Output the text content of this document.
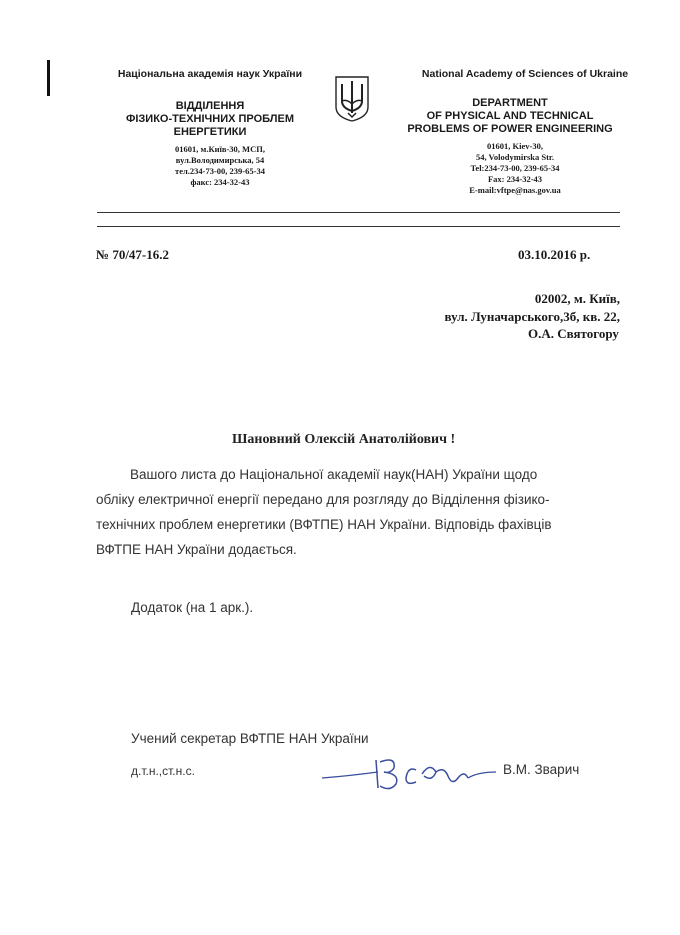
Національна академія наук України
ВІДДІЛЕННЯ
ФІЗИКО-ТЕХНІЧНИХ ПРОБЛЕМ
ЕНЕРГЕТИКИ
01601, м.Київ-30, МСП,
вул.Володимирська, 54
тел.234-73-00, 239-65-34
факс: 234-32-43
National Academy of Sciences of Ukraine
DEPARTMENT
OF PHYSICAL AND TECHNICAL
PROBLEMS OF POWER ENGINEERING
01601, Kiev-30,
54, Volodymirska Str.
Tel:234-73-00, 239-65-34
Fax: 234-32-43
E-mail:vftpe@nas.gov.ua
№ 70/47-16.2	03.10.2016 р.
02002, м. Київ,
вул. Луначарського,3б, кв. 22,
О.А. Святогору
Шановний Олексій Анатолійович !

Вашого листа до Національної академії наук(НАН) України щодо

обліку електричної енергії передано для розгляду до Відділення фізико-

технічних проблем енергетики (ВФТПЕ) НАН України. Відповідь фахівців

ВФТПЕ НАН України додається.

Додаток (на 1 арк.).
Учений секретар ВФТПЕ НАН України
д.т.н.,ст.н.с.	В.М. Зварич
